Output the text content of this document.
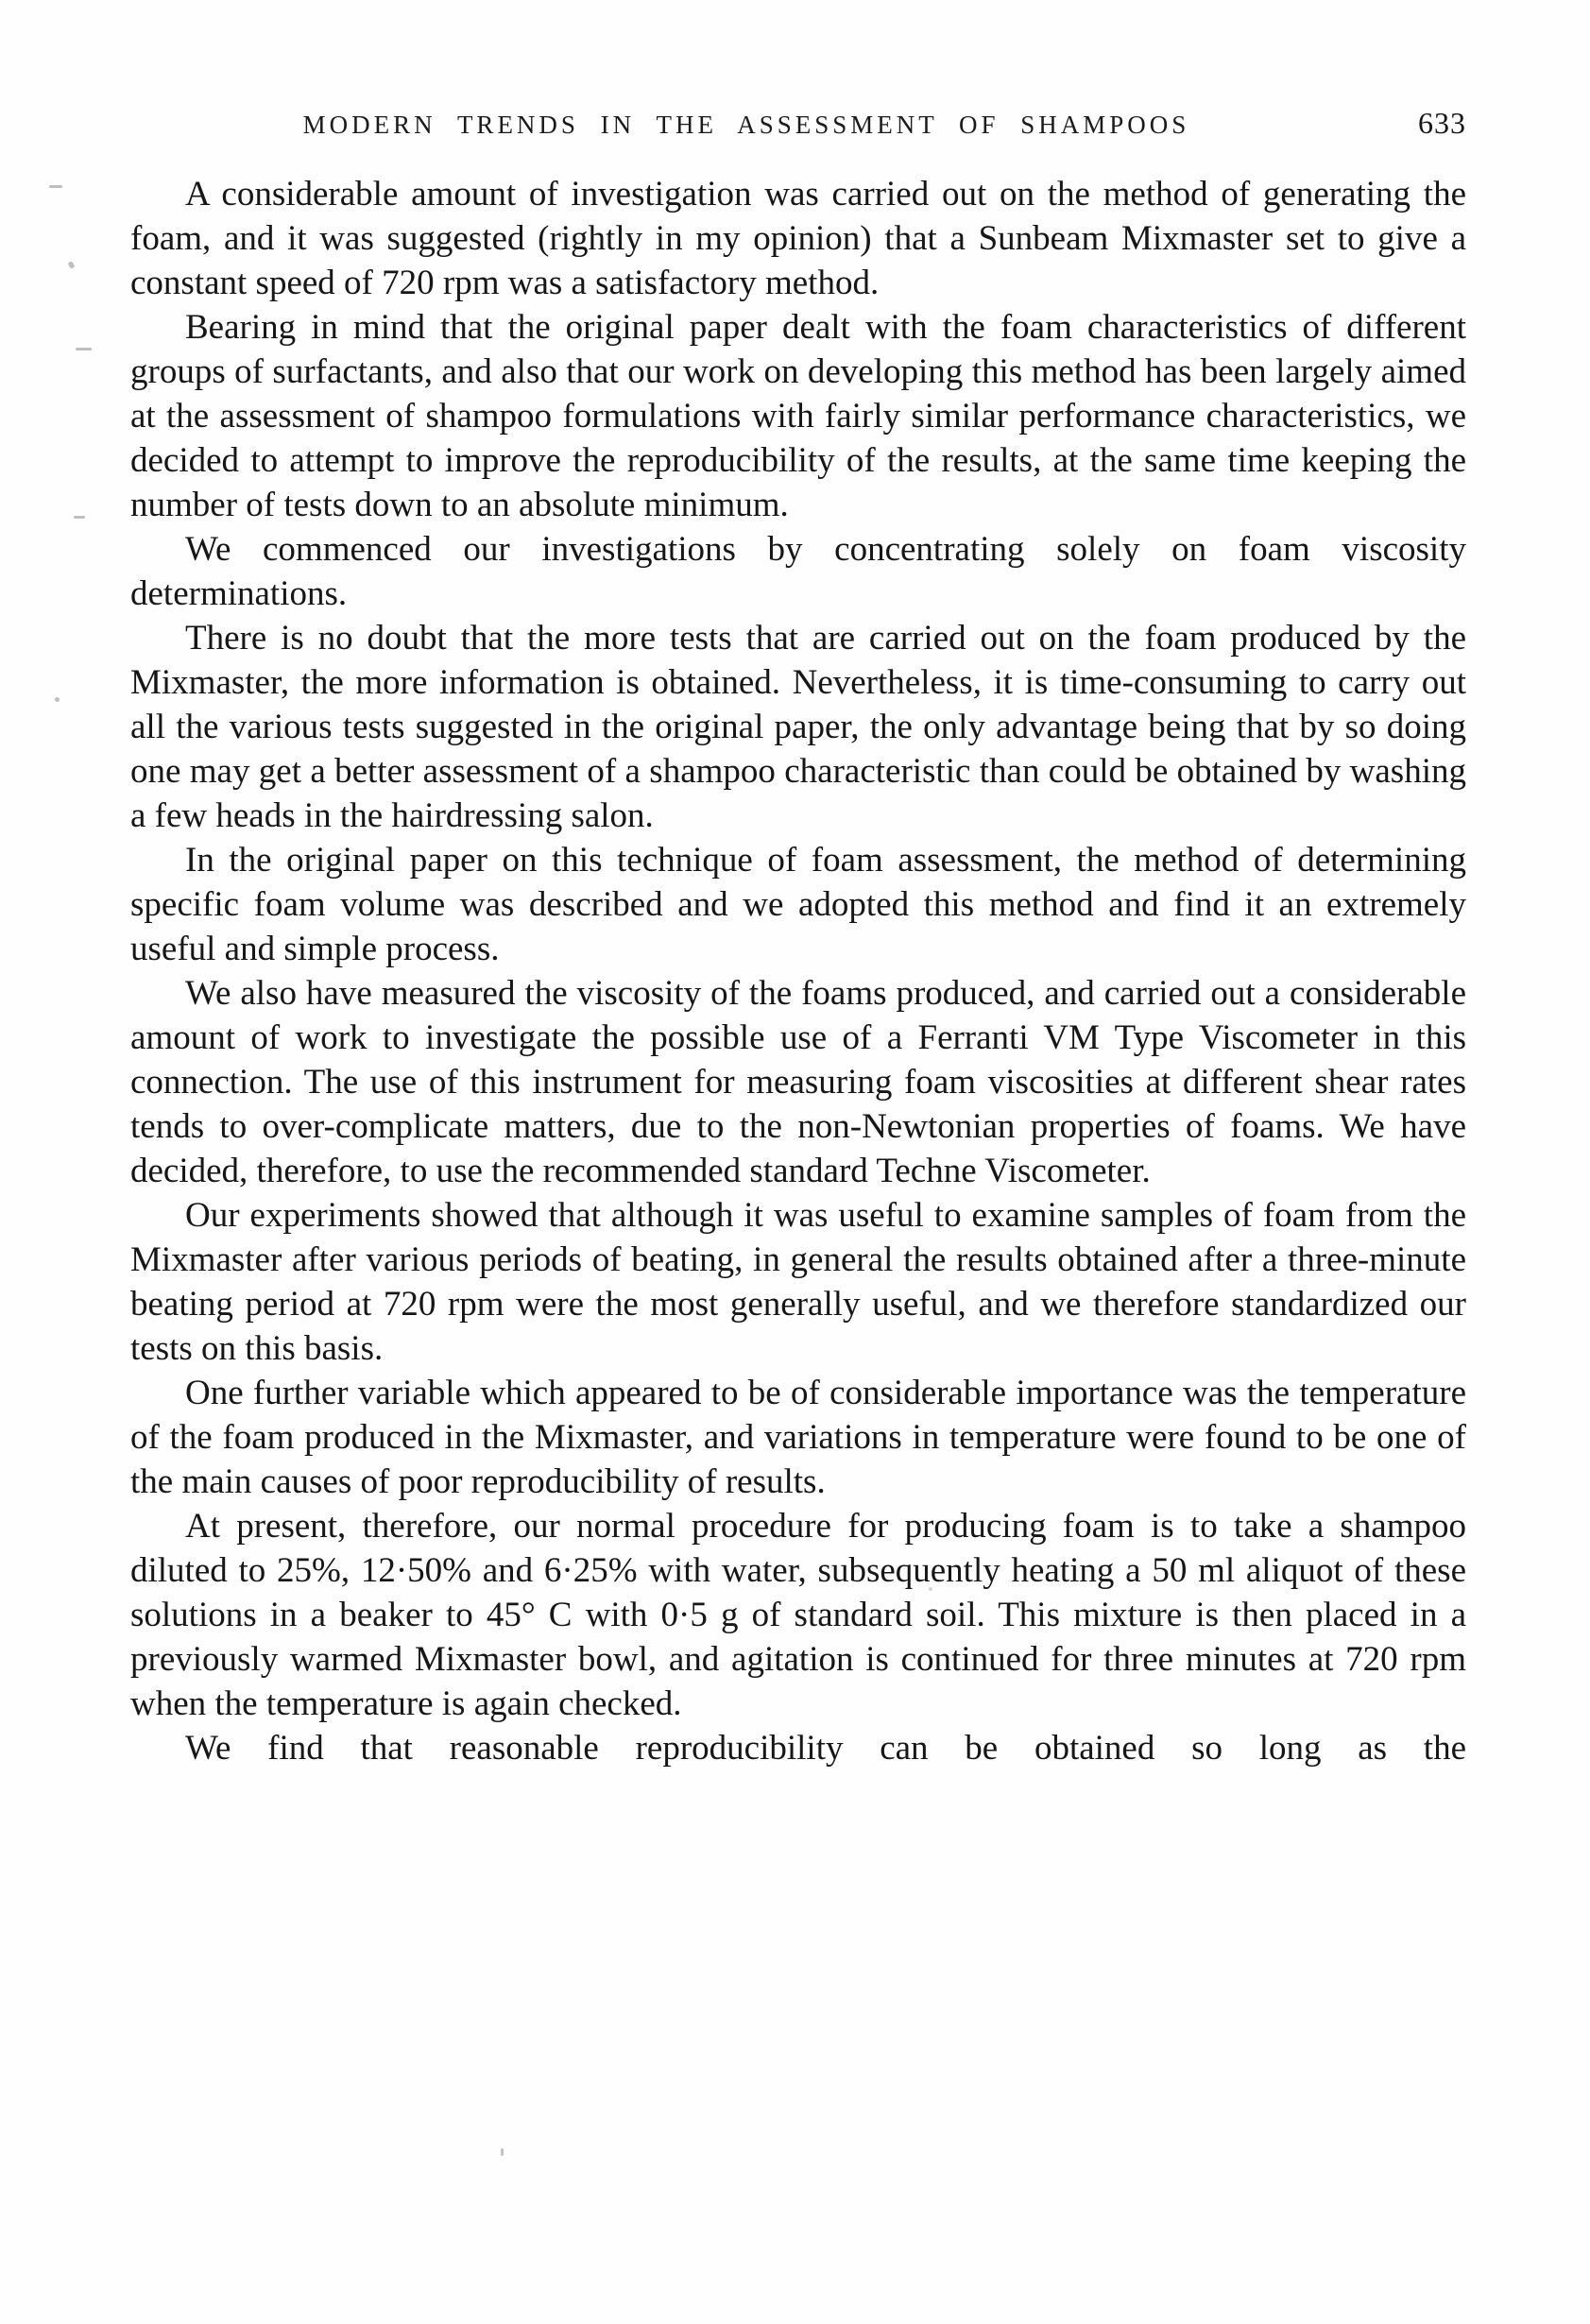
MODERN TRENDS IN THE ASSESSMENT OF SHAMPOOS	633

A considerable amount of investigation was carried out on the method of generating the foam, and it was suggested (rightly in my opinion) that a Sunbeam Mixmaster set to give a constant speed of 720 rpm was a satisfactory method.

Bearing in mind that the original paper dealt with the foam characteristics of different groups of surfactants, and also that our work on developing this method has been largely aimed at the assessment of shampoo formulations with fairly similar performance characteristics, we decided to attempt to improve the reproducibility of the results, at the same time keeping the number of tests down to an absolute minimum.

We commenced our investigations by concentrating solely on foam viscosity determinations.

There is no doubt that the more tests that are carried out on the foam produced by the Mixmaster, the more information is obtained. Nevertheless, it is time-consuming to carry out all the various tests suggested in the original paper, the only advantage being that by so doing one may get a better assessment of a shampoo characteristic than could be obtained by washing a few heads in the hairdressing salon.

In the original paper on this technique of foam assessment, the method of determining specific foam volume was described and we adopted this method and find it an extremely useful and simple process.

We also have measured the viscosity of the foams produced, and carried out a considerable amount of work to investigate the possible use of a Ferranti VM Type Viscometer in this connection. The use of this instrument for measuring foam viscosities at different shear rates tends to over-complicate matters, due to the non-Newtonian properties of foams. We have decided, therefore, to use the recommended standard Techne Viscometer.

Our experiments showed that although it was useful to examine samples of foam from the Mixmaster after various periods of beating, in general the results obtained after a three-minute beating period at 720 rpm were the most generally useful, and we therefore standardized our tests on this basis.

One further variable which appeared to be of considerable importance was the temperature of the foam produced in the Mixmaster, and variations in temperature were found to be one of the main causes of poor reproducibility of results.

At present, therefore, our normal procedure for producing foam is to take a shampoo diluted to 25%, 12·50% and 6·25% with water, subsequently heating a 50 ml aliquot of these solutions in a beaker to 45° C with 0·5 g of standard soil. This mixture is then placed in a previously warmed Mixmaster bowl, and agitation is continued for three minutes at 720 rpm when the temperature is again checked.

We find that reasonable reproducibility can be obtained so long as the
